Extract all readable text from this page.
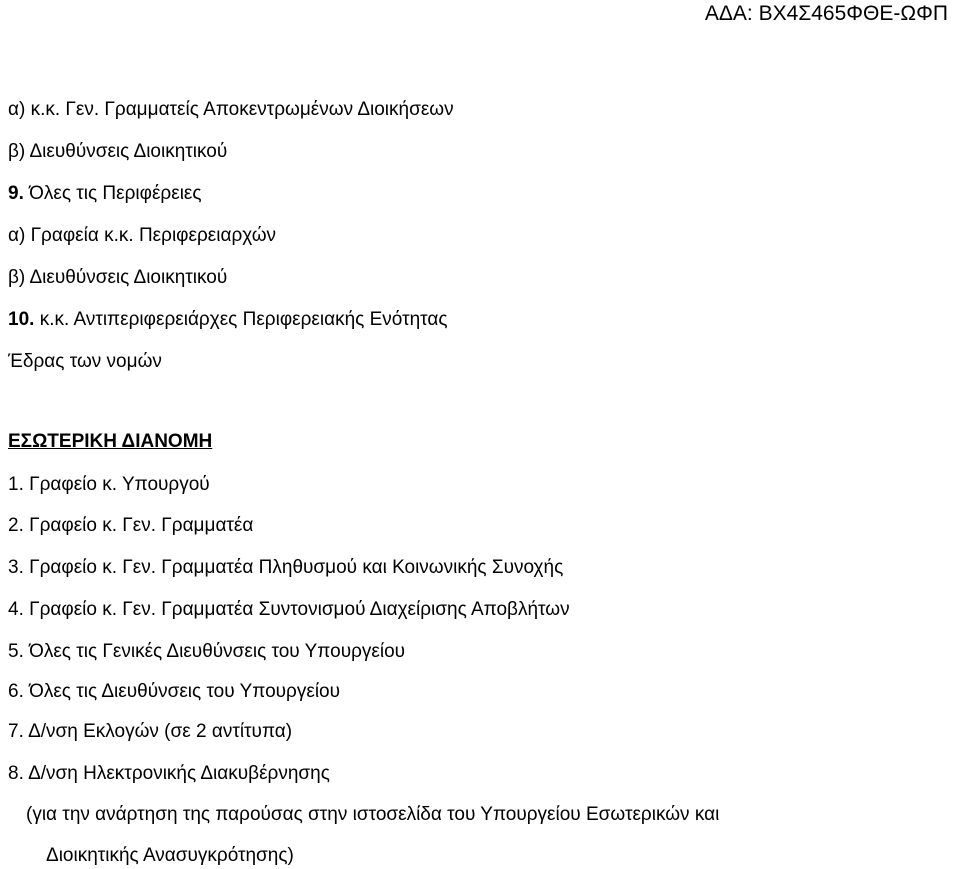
ΑΔΑ: ΒΧ4Σ465ΦΘΕ-ΩΦΠ
α) κ.κ. Γεν. Γραμματείς Αποκεντρωμένων Διοικήσεων
β) Διευθύνσεις Διοικητικού
9. Όλες τις Περιφέρειες
α) Γραφεία κ.κ. Περιφερειαρχών
β) Διευθύνσεις Διοικητικού
10. κ.κ. Αντιπεριφερειάρχες Περιφερειακής Ενότητας
Έδρας των νομών
ΕΣΩΤΕΡΙΚΗ ΔΙΑΝΟΜΗ
1. Γραφείο κ. Υπουργού
2. Γραφείο κ. Γεν. Γραμματέα
3. Γραφείο κ. Γεν. Γραμματέα Πληθυσμού και Κοινωνικής Συνοχής
4. Γραφείο κ. Γεν. Γραμματέα Συντονισμού Διαχείρισης Αποβλήτων
5. Όλες τις Γενικές Διευθύνσεις του Υπουργείου
6. Όλες τις Διευθύνσεις του Υπουργείου
7. Δ/νση Εκλογών (σε 2 αντίτυπα)
8. Δ/νση Ηλεκτρονικής Διακυβέρνησης
(για την ανάρτηση της παρούσας στην ιστοσελίδα του Υπουργείου Εσωτερικών και
Διοικητικής Ανασυγκρότησης)
